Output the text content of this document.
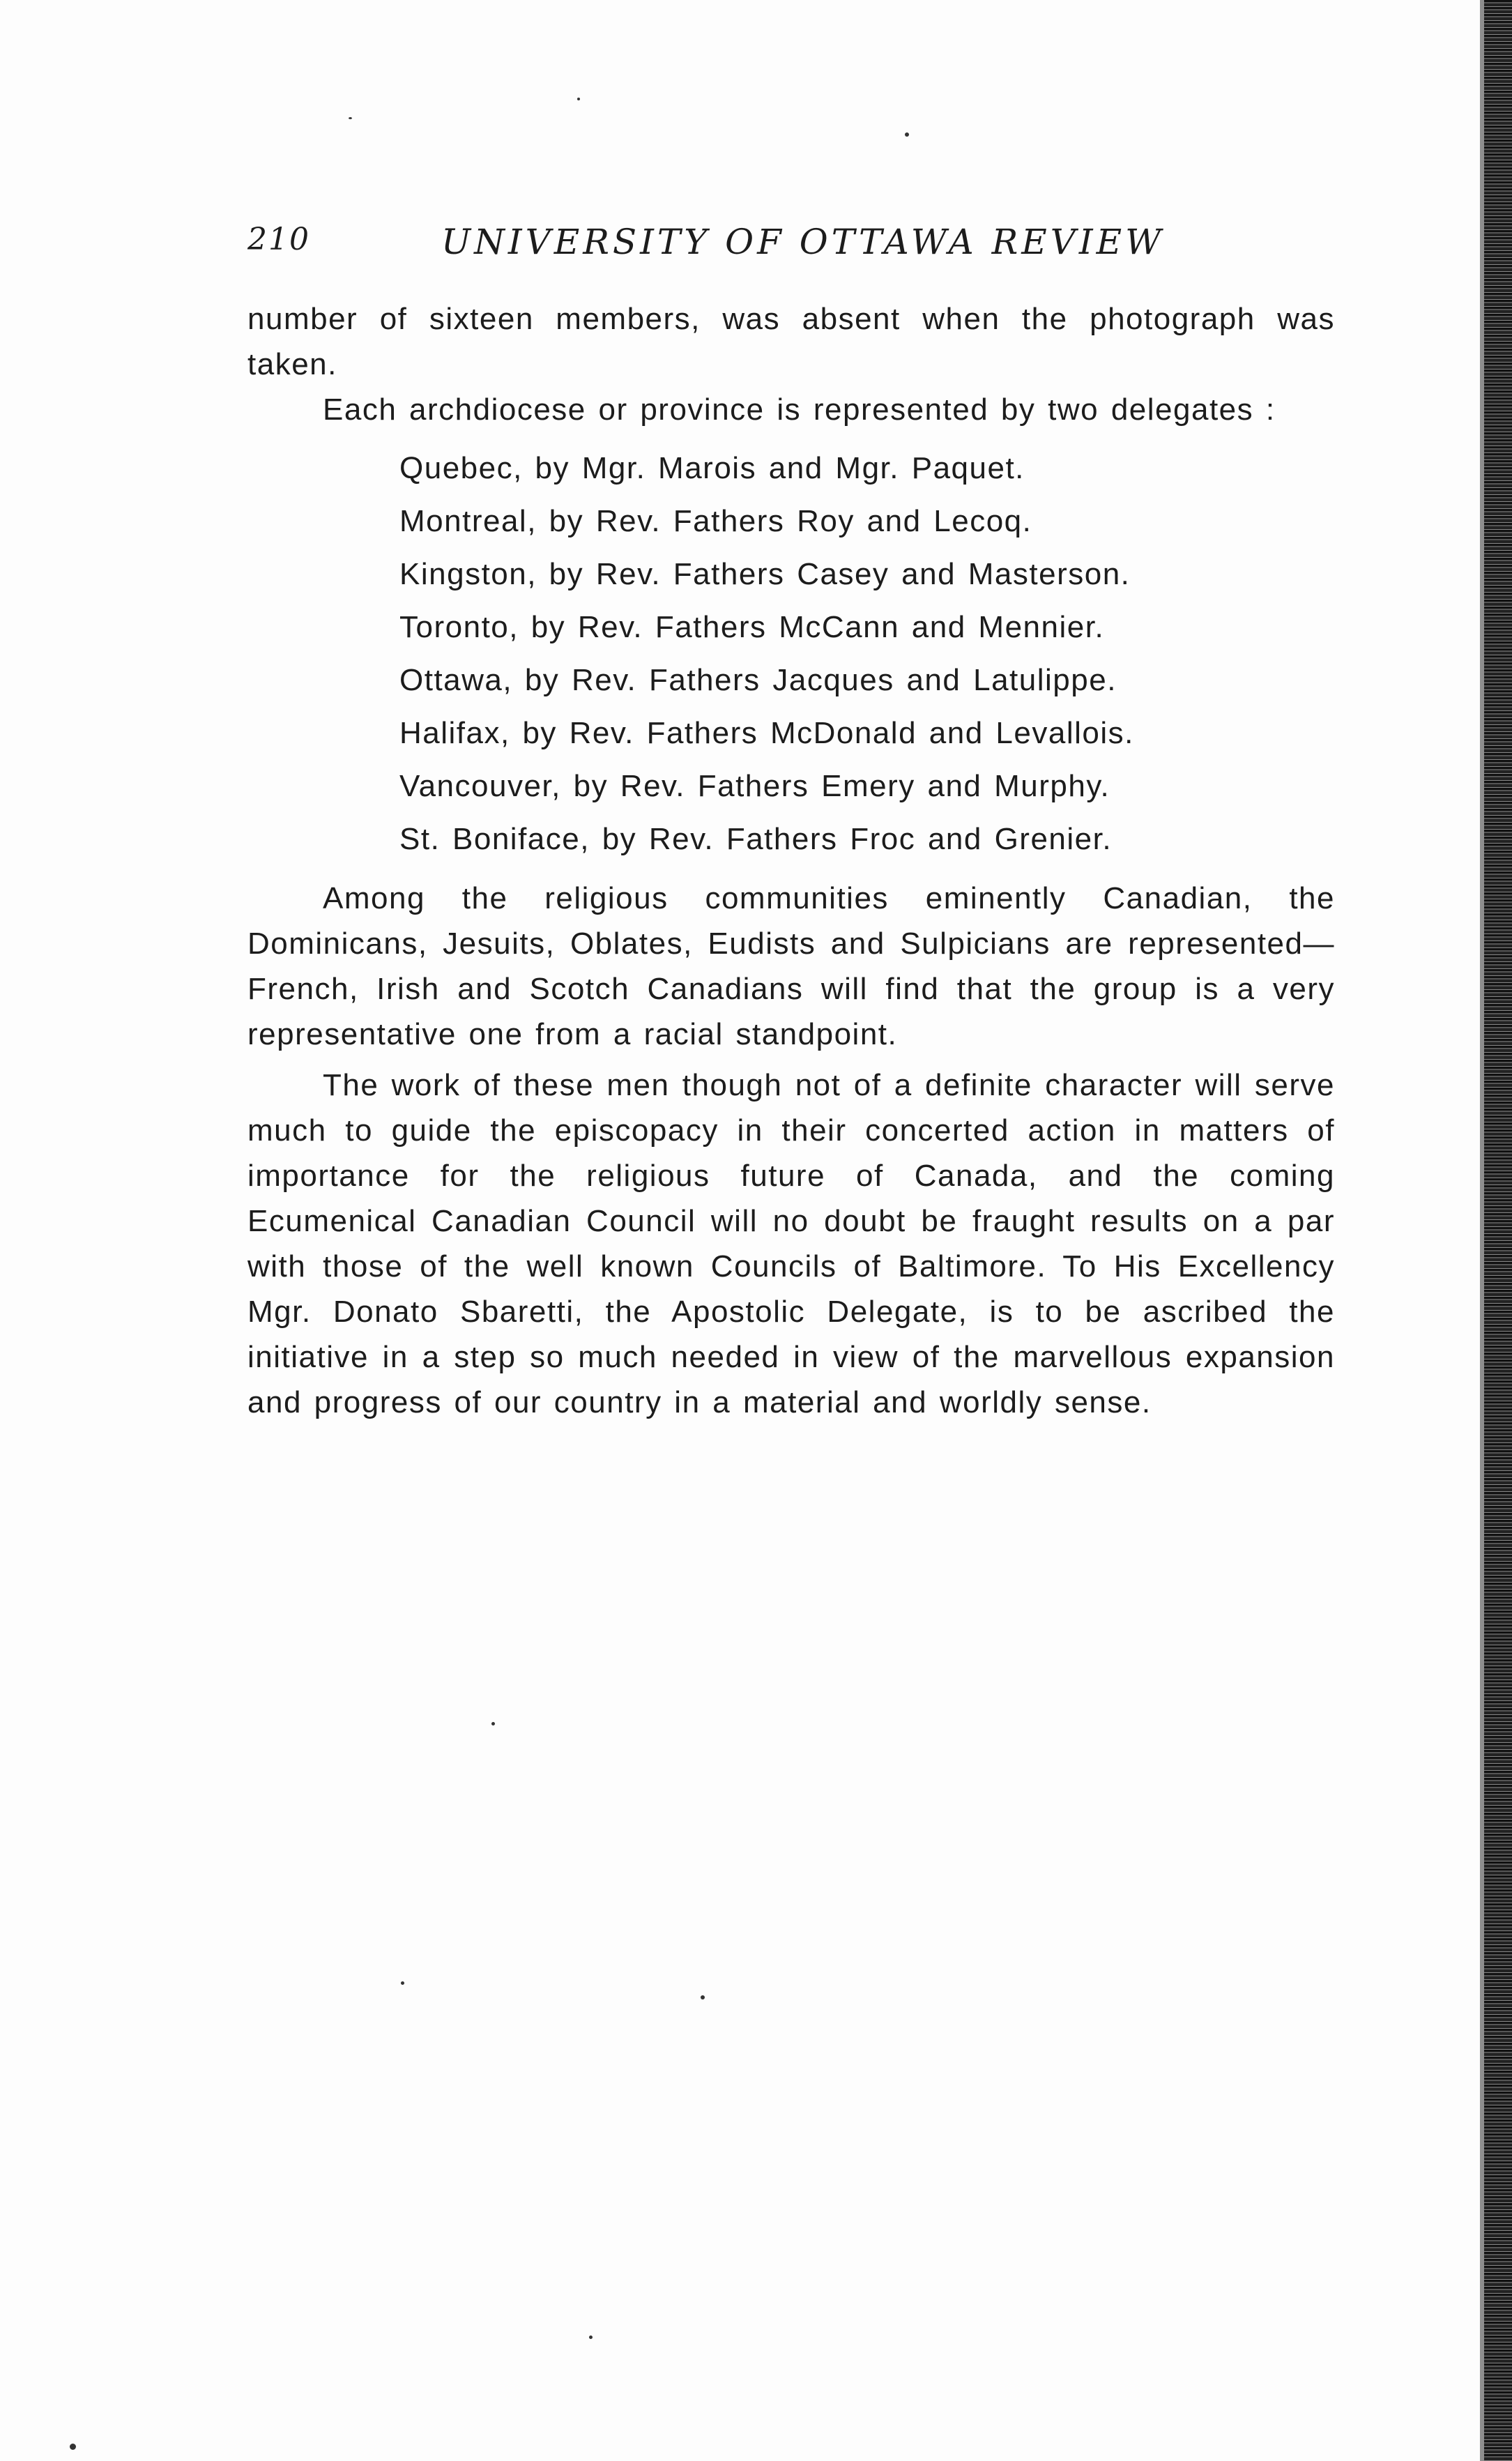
210	UNIVERSITY OF OTTAWA REVIEW

number of sixteen members, was absent when the photograph was taken.

Each archdiocese or province is represented by two delegates :

Quebec, by Mgr. Marois and Mgr. Paquet.
Montreal, by Rev. Fathers Roy and Lecoq.
Kingston, by Rev. Fathers Casey and Masterson.
Toronto, by Rev. Fathers McCann and Mennier.
Ottawa, by Rev. Fathers Jacques and Latulippe.
Halifax, by Rev. Fathers McDonald and Levallois.
Vancouver, by Rev. Fathers Emery and Murphy.
St. Boniface, by Rev. Fathers Froc and Grenier.

Among the religious communities eminently Canadian, the Dominicans, Jesuits, Oblates, Eudists and Sulpicians are represented—French, Irish and Scotch Canadians will find that the group is a very representative one from a racial standpoint.

The work of these men though not of a definite character will serve much to guide the episcopacy in their concerted action in matters of importance for the religious future of Canada, and the coming Ecumenical Canadian Council will no doubt be fraught results on a par with those of the well known Councils of Baltimore. To His Excellency Mgr. Donato Sbaretti, the Apostolic Delegate, is to be ascribed the initiative in a step so much needed in view of the marvellous expansion and progress of our country in a material and worldly sense.
